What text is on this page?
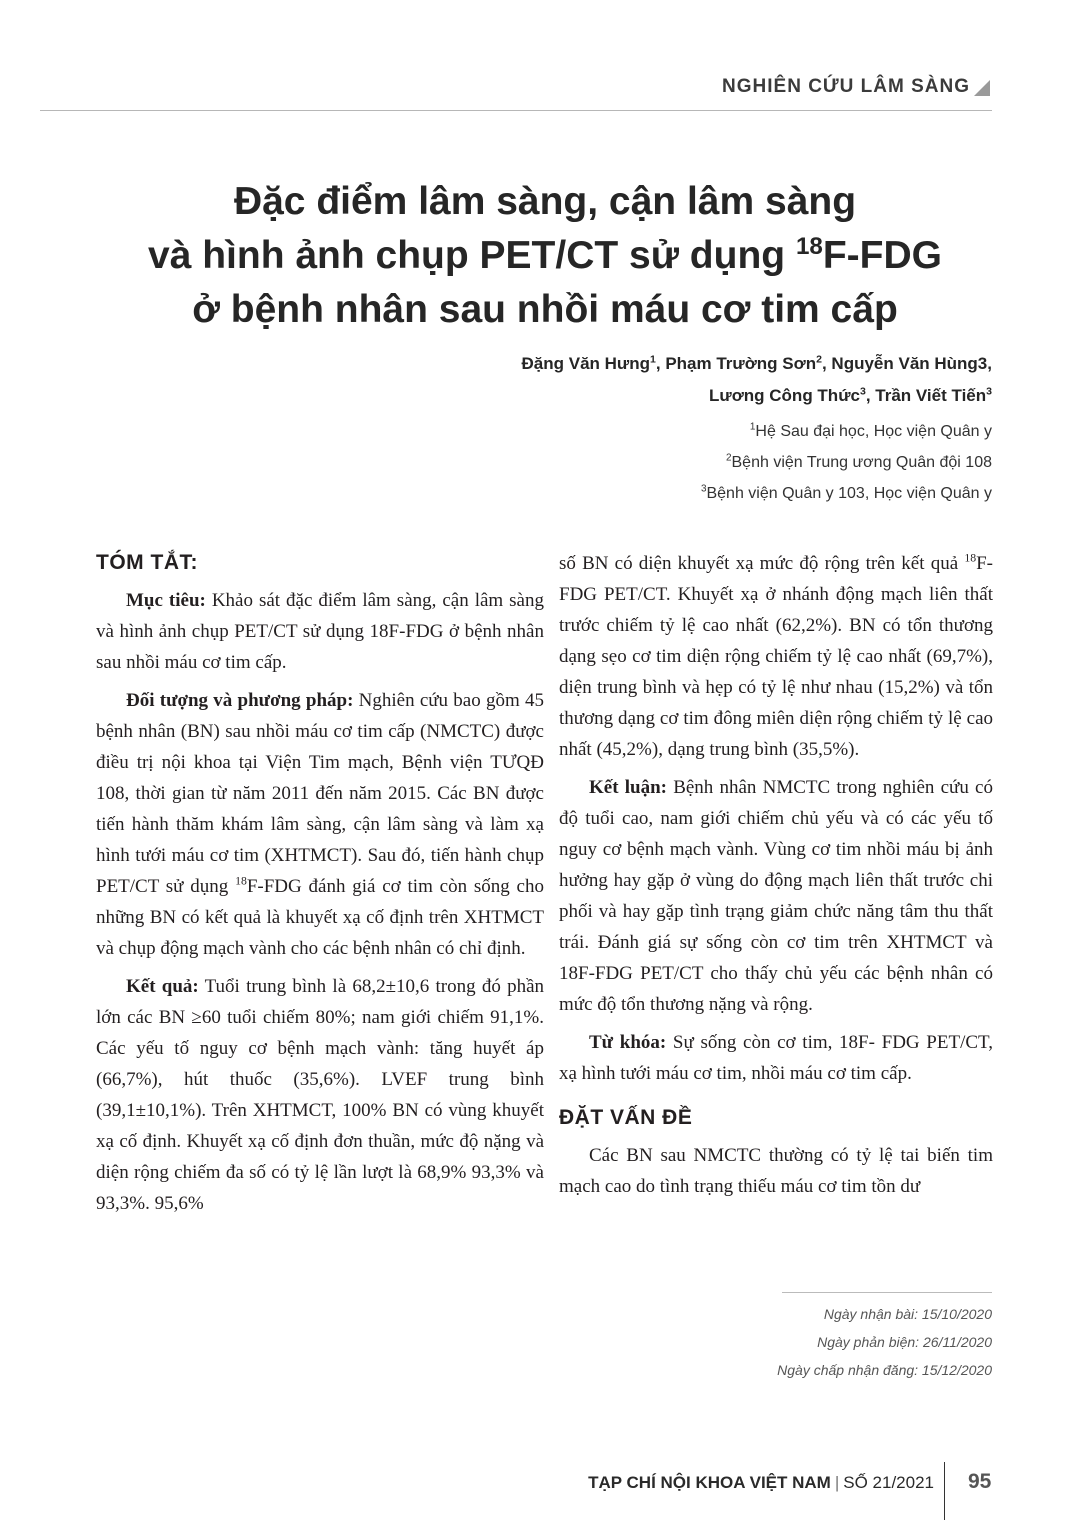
NGHIÊN CỨU LÂM SÀNG

Đặc điểm lâm sàng, cận lâm sàng

và hình ảnh chụp PET/CT sử dụng $^{18}$F-FDG

ở bệnh nhân sau nhồi máu cơ tim cấp

Đặng Văn Hưng$^1$, Phạm Trường Sơn$^2$, Nguyễn Văn Hùng3,

Lương Công Thức$^3$, Trần Viết Tiến$^3$

$^1$Hệ Sau đại học, Học viện Quân y

$^2$Bệnh viện Trung ương Quân đội 108

$^3$Bệnh viện Quân y 103, Học viện Quân y

TÓM TẮT:

Mục tiêu: Khảo sát đặc điểm lâm sàng, cận lâm sàng và hình ảnh chụp PET/CT sử dụng 18F-FDG ở bệnh nhân sau nhồi máu cơ tim cấp.

Đối tượng và phương pháp: Nghiên cứu bao gồm 45 bệnh nhân (BN) sau nhồi máu cơ tim cấp (NMCTC) được điều trị nội khoa tại Viện Tim mạch, Bệnh viện TƯQĐ 108, thời gian từ năm 2011 đến năm 2015. Các BN được tiến hành thăm khám lâm sàng, cận lâm sàng và làm xạ hình tưới máu cơ tim (XHTMCT). Sau đó, tiến hành chụp PET/CT sử dụng $^{18}$F-FDG đánh giá cơ tim còn sống cho những BN có kết quả là khuyết xạ cố định trên XHTMCT và chụp động mạch vành cho các bệnh nhân có chỉ định.

Kết quả: Tuổi trung bình là 68,2±10,6 trong đó phần lớn các BN ≥60 tuổi chiếm 80%; nam giới chiếm 91,1%. Các yếu tố nguy cơ bệnh mạch vành: tăng huyết áp (66,7%), hút thuốc (35,6%). LVEF trung bình (39,1±10,1%). Trên XHTMCT, 100% BN có vùng khuyết xạ cố định. Khuyết xạ cố định đơn thuần, mức độ nặng và diện rộng chiếm đa số có tỷ lệ lần lượt là 68,9% 93,3% và 93,3%. 95,6%

số BN có diện khuyết xạ mức độ rộng trên kết quả $^{18}$F-FDG PET/CT. Khuyết xạ ở nhánh động mạch liên thất trước chiếm tỷ lệ cao nhất (62,2%). BN có tổn thương dạng sẹo cơ tim diện rộng chiếm tỷ lệ cao nhất (69,7%), diện trung bình và hẹp có tỷ lệ như nhau (15,2%) và tổn thương dạng cơ tim đông miên diện rộng chiếm tỷ lệ cao nhất (45,2%), dạng trung bình (35,5%).

Kết luận: Bệnh nhân NMCTC trong nghiên cứu có độ tuổi cao, nam giới chiếm chủ yếu và có các yếu tố nguy cơ bệnh mạch vành. Vùng cơ tim nhồi máu bị ảnh hưởng hay gặp ở vùng do động mạch liên thất trước chi phối và hay gặp tình trạng giảm chức năng tâm thu thất trái. Đánh giá sự sống còn cơ tim trên XHTMCT và 18F-FDG PET/CT cho thấy chủ yếu các bệnh nhân có mức độ tổn thương nặng và rộng.

Từ khóa: Sự sống còn cơ tim, 18F- FDG PET/CT, xạ hình tưới máu cơ tim, nhồi máu cơ tim cấp.

ĐẶT VẤN ĐỀ

Các BN sau NMCTC thường có tỷ lệ tai biến tim mạch cao do tình trạng thiếu máu cơ tim tồn dư

Ngày nhận bài: 15/10/2020

Ngày phản biện: 26/11/2020

Ngày chấp nhận đăng: 15/12/2020

TẠP CHÍ NỘI KHOA VIỆT NAM | SỐ 21/2021 95
